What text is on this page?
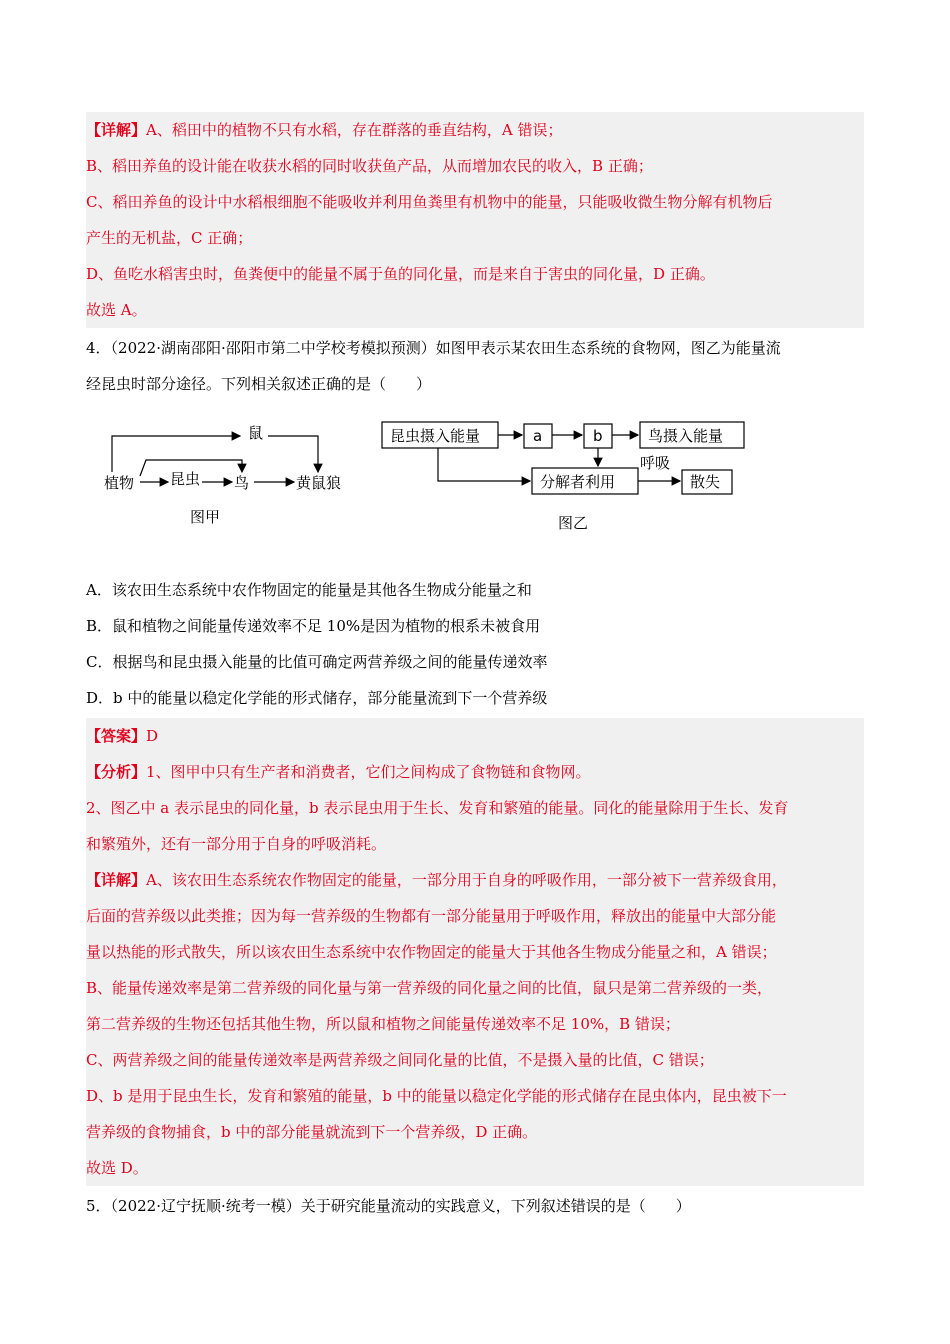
【详解】A、稻田中的植物不只有水稻，存在群落的垂直结构，A 错误；
B、稻田养鱼的设计能在收获水稻的同时收获鱼产品，从而增加农民的收入，B 正确；
C、稻田养鱼的设计中水稻根细胞不能吸收并利用鱼粪里有机物中的能量，只能吸收微生物分解有机物后
产生的无机盐，C 正确；
D、鱼吃水稻害虫时，鱼粪便中的能量不属于鱼的同化量，而是来自于害虫的同化量，D 正确。
故选 A。
4．（2022·湖南邵阳·邵阳市第二中学校考模拟预测）如图甲表示某农田生态系统的食物网，图乙为能量流
经昆虫时部分途径。下列相关叙述正确的是（　　）
鼠
植物 昆虫 鸟	黄鼠狼
图甲
昆虫摄入能量	a	b	鸟摄入能量
分解者利用
呼吸
散失
图乙
A．该农田生态系统中农作物固定的能量是其他各生物成分能量之和
B．鼠和植物之间能量传递效率不足 10%是因为植物的根系未被食用
C．根据鸟和昆虫摄入能量的比值可确定两营养级之间的能量传递效率
D．b 中的能量以稳定化学能的形式储存，部分能量流到下一个营养级
【答案】D
【分析】1、图甲中只有生产者和消费者，它们之间构成了食物链和食物网。
2、图乙中 a 表示昆虫的同化量，b 表示昆虫用于生长、发育和繁殖的能量。同化的能量除用于生长、发育
和繁殖外，还有一部分用于自身的呼吸消耗。
【详解】A、该农田生态系统农作物固定的能量，一部分用于自身的呼吸作用，一部分被下一营养级食用，
后面的营养级以此类推；因为每一营养级的生物都有一部分能量用于呼吸作用，释放出的能量中大部分能
量以热能的形式散失，所以该农田生态系统中农作物固定的能量大于其他各生物成分能量之和，A 错误；
B、能量传递效率是第二营养级的同化量与第一营养级的同化量之间的比值，鼠只是第二营养级的一类，
第二营养级的生物还包括其他生物，所以鼠和植物之间能量传递效率不足 10%，B 错误；
C、两营养级之间的能量传递效率是两营养级之间同化量的比值，不是摄入量的比值，C 错误；
D、b 是用于昆虫生长，发育和繁殖的能量，b 中的能量以稳定化学能的形式储存在昆虫体内，昆虫被下一
营养级的食物捕食，b 中的部分能量就流到下一个营养级，D 正确。
故选 D。
5．（2022·辽宁抚顺·统考一模）关于研究能量流动的实践意义，下列叙述错误的是（　　）
